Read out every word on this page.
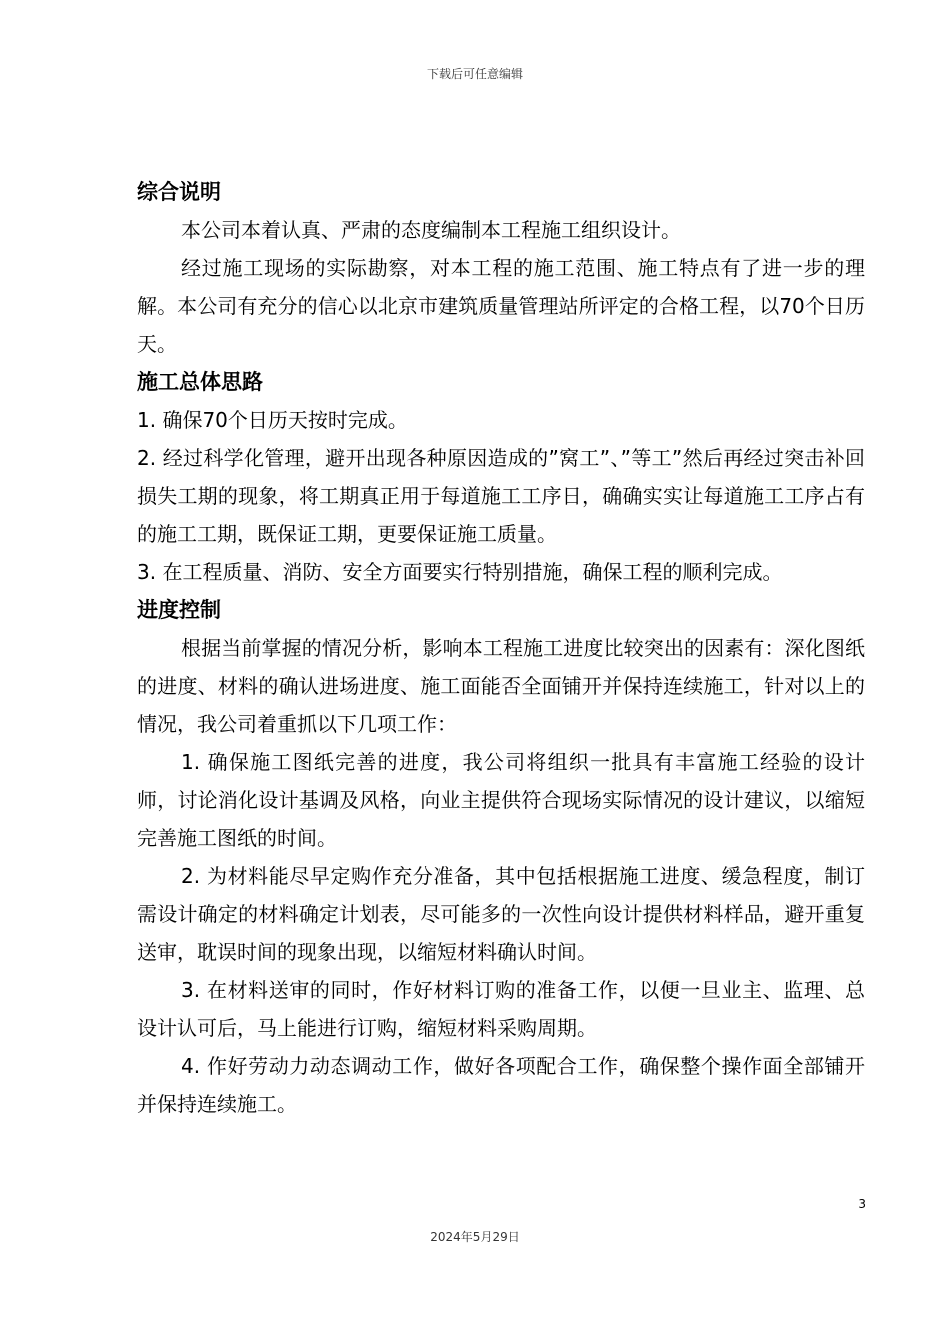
下载后可任意编辑
综合说明

本公司本着认真、严肃的态度编制本工程施工组织设计。

经过施工现场的实际勘察，对本工程的施工范围、施工特点有了进一步的理解。本公司有充分的信心以北京市建筑质量管理站所评定的合格工程，以70个日历天。

施工总体思路

1. 确保70个日历天按时完成。

2. 经过科学化管理，避开出现各种原因造成的”窝工”、”等工”然后再经过突击补回损失工期的现象，将工期真正用于每道施工工序日，确确实实让每道施工工序占有的施工工期，既保证工期，更要保证施工质量。

3. 在工程质量、消防、安全方面要实行特别措施，确保工程的顺利完成。

进度控制

根据当前掌握的情况分析，影响本工程施工进度比较突出的因素有：深化图纸的进度、材料的确认进场进度、施工面能否全面铺开并保持连续施工，针对以上的情况，我公司着重抓以下几项工作：

1. 确保施工图纸完善的进度，我公司将组织一批具有丰富施工经验的设计师，讨论消化设计基调及风格，向业主提供符合现场实际情况的设计建议，以缩短完善施工图纸的时间。

2. 为材料能尽早定购作充分准备，其中包括根据施工进度、缓急程度，制订需设计确定的材料确定计划表，尽可能多的一次性向设计提供材料样品，避开重复送审，耽误时间的现象出现，以缩短材料确认时间。

3. 在材料送审的同时，作好材料订购的准备工作，以便一旦业主、监理、总设计认可后，马上能进行订购，缩短材料采购周期。

4. 作好劳动力动态调动工作，做好各项配合工作，确保整个操作面全部铺开并保持连续施工。

3
2024年5月29日
